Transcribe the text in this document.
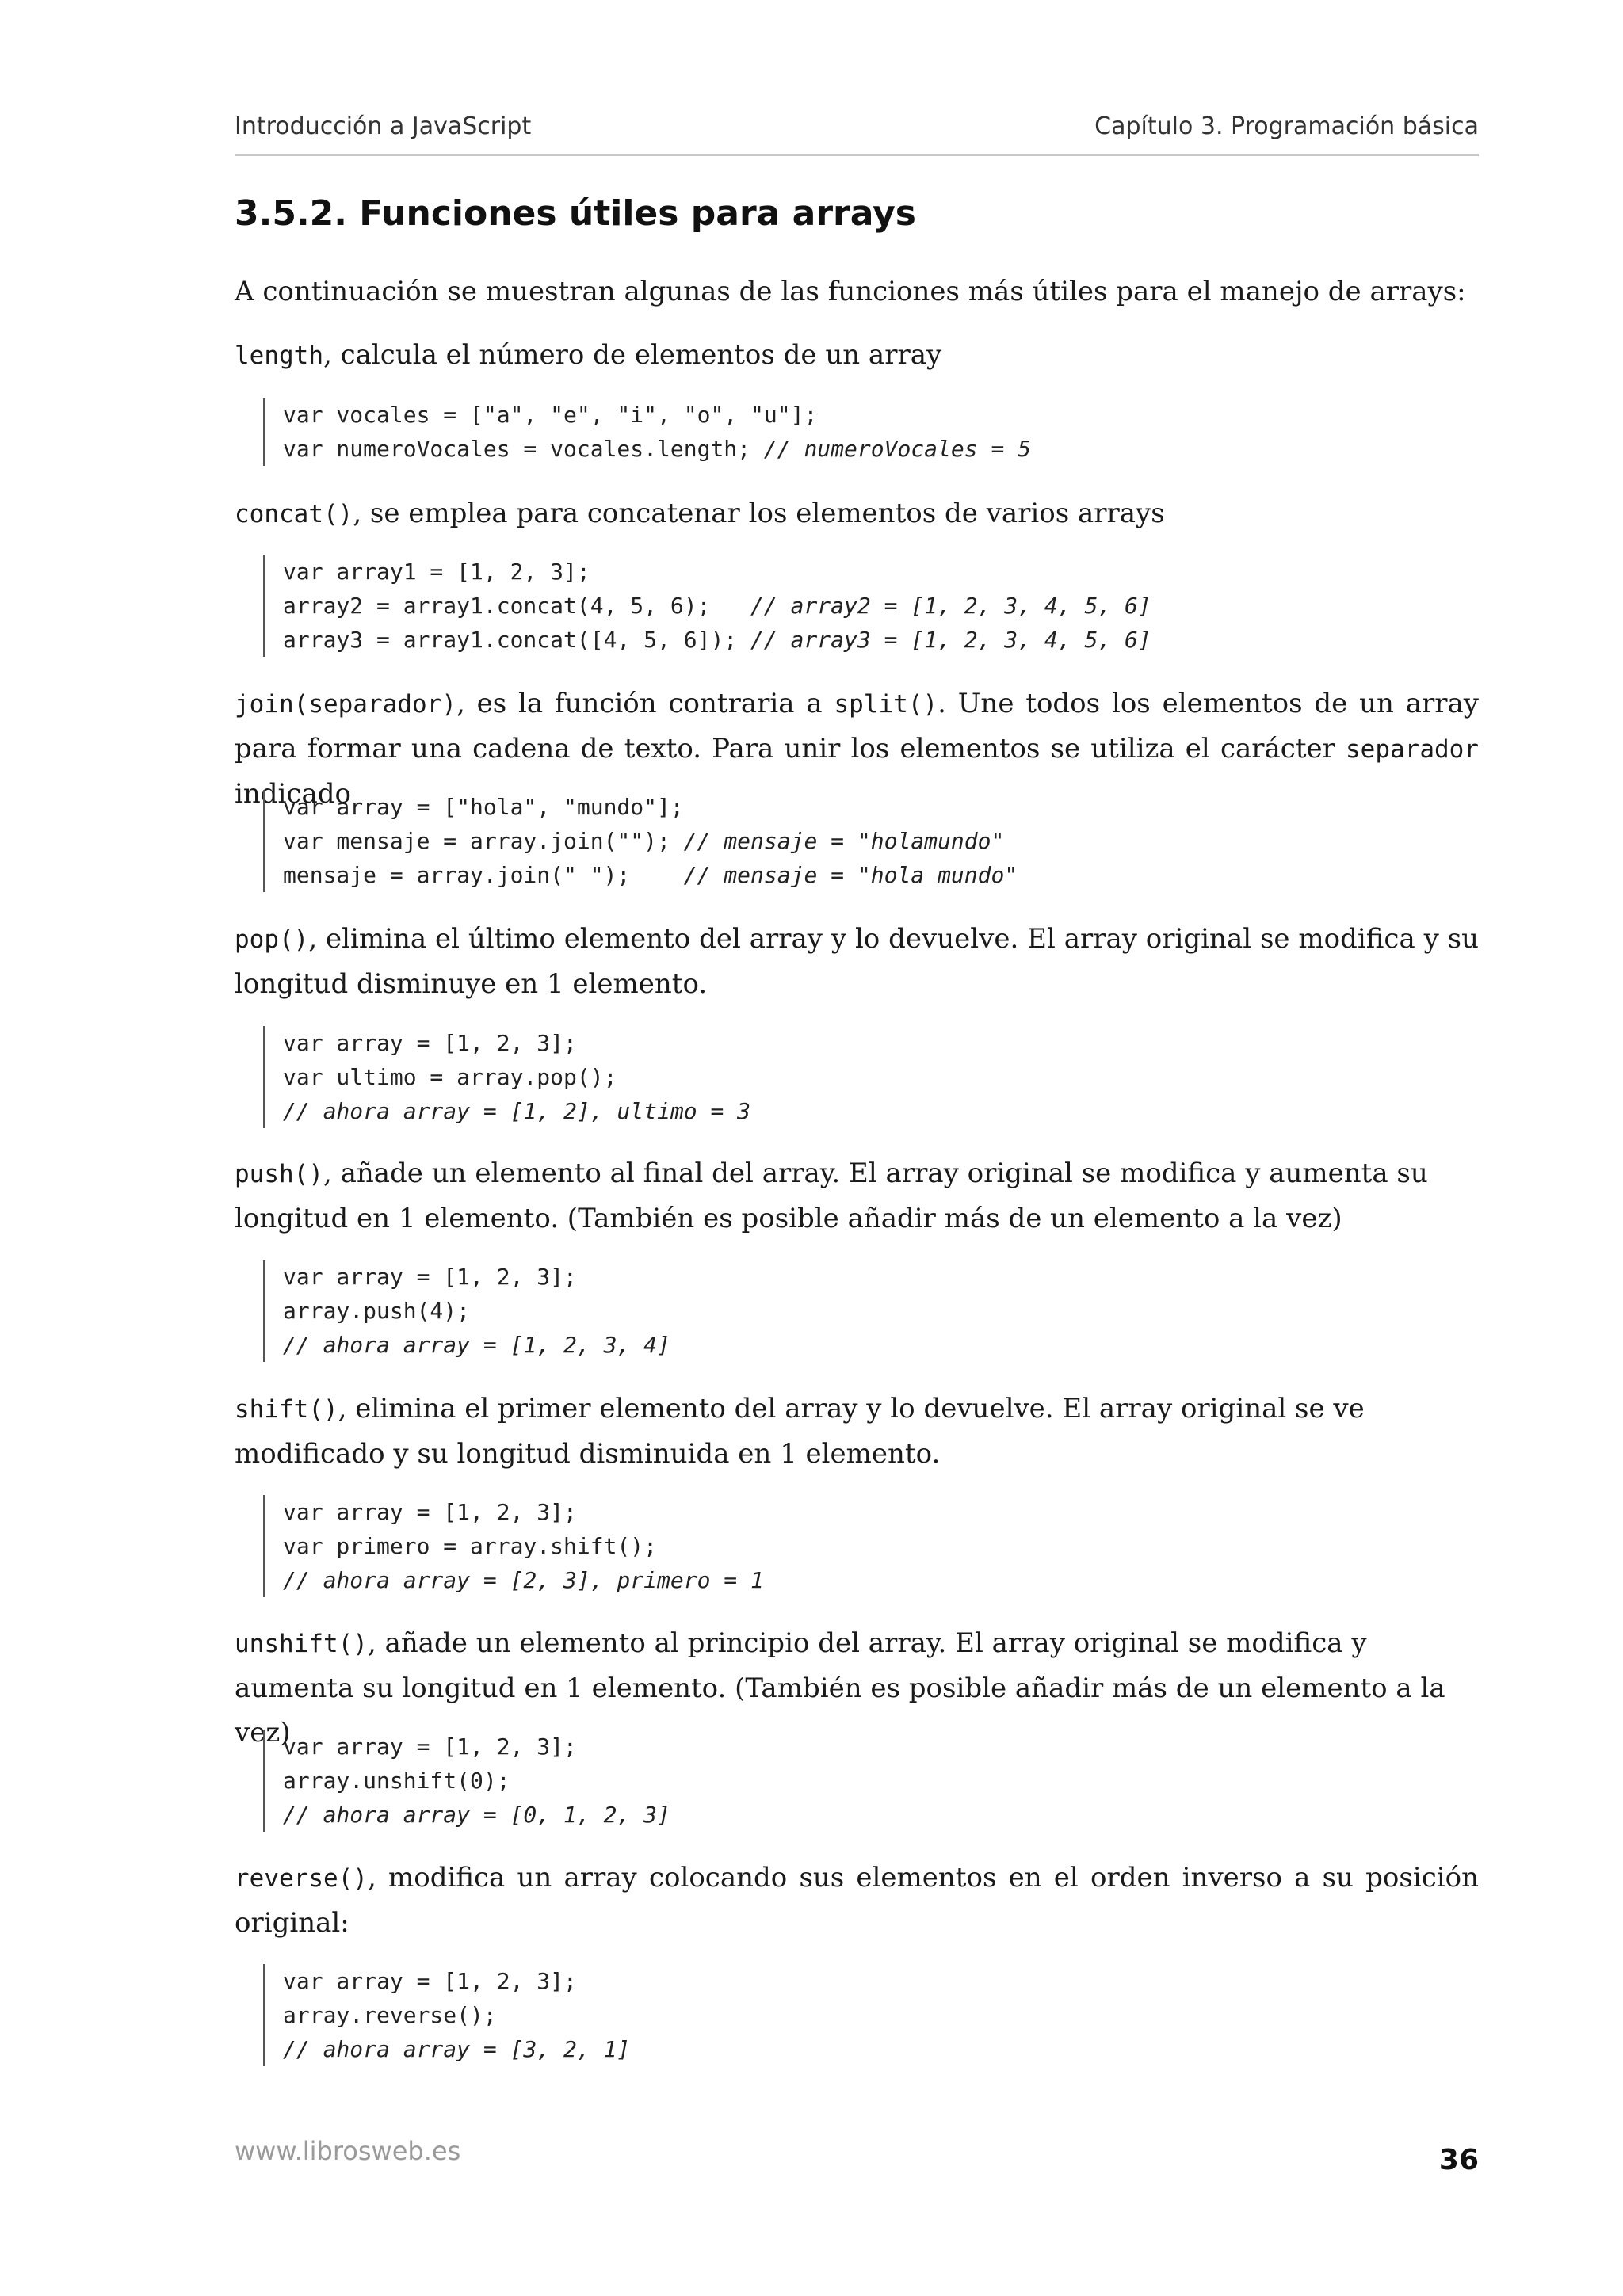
Introducción a JavaScript	Capítulo 3. Programación básica
3.5.2. Funciones útiles para arrays

A continuación se muestran algunas de las funciones más útiles para el manejo de arrays:

length, calcula el número de elementos de un array

var vocales = ["a", "e", "i", "o", "u"];
var numeroVocales = vocales.length; // numeroVocales = 5

concat(), se emplea para concatenar los elementos de varios arrays

var array1 = [1, 2, 3];
array2 = array1.concat(4, 5, 6);   // array2 = [1, 2, 3, 4, 5, 6]
array3 = array1.concat([4, 5, 6]); // array3 = [1, 2, 3, 4, 5, 6]

join(separador), es la función contraria a split(). Une todos los elementos de un array para formar una cadena de texto. Para unir los elementos se utiliza el carácter separador indicado

var array = ["hola", "mundo"];
var mensaje = array.join(""); // mensaje = "holamundo"
mensaje = array.join(" ");    // mensaje = "hola mundo"

pop(), elimina el último elemento del array y lo devuelve. El array original se modifica y su longitud disminuye en 1 elemento.

var array = [1, 2, 3];
var ultimo = array.pop();
// ahora array = [1, 2], ultimo = 3

push(), añade un elemento al final del array. El array original se modifica y aumenta su longitud en 1 elemento. (También es posible añadir más de un elemento a la vez)

var array = [1, 2, 3];
array.push(4);
// ahora array = [1, 2, 3, 4]

shift(), elimina el primer elemento del array y lo devuelve. El array original se ve modificado y su longitud disminuida en 1 elemento.

var array = [1, 2, 3];
var primero = array.shift();
// ahora array = [2, 3], primero = 1

unshift(), añade un elemento al principio del array. El array original se modifica y aumenta su longitud en 1 elemento. (También es posible añadir más de un elemento a la vez)

var array = [1, 2, 3];
array.unshift(0);
// ahora array = [0, 1, 2, 3]

reverse(), modifica un array colocando sus elementos en el orden inverso a su posición original:

var array = [1, 2, 3];
array.reverse();
// ahora array = [3, 2, 1]
www.librosweb.es	36
